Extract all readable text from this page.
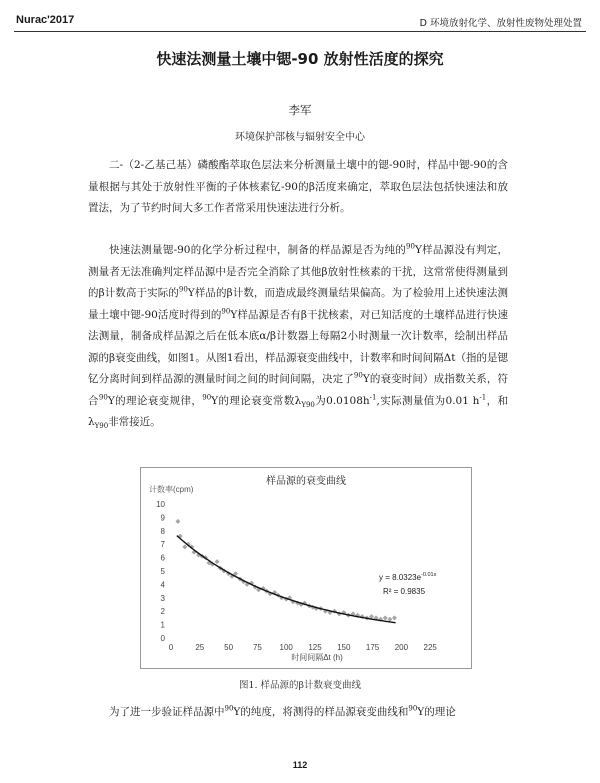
Nurac'2017	D 环境放射化学、放射性废物处理处置
快速法测量土壤中锶-90 放射性活度的探究
李军
环境保护部核与辐射安全中心
二-（2-乙基己基）磷酸酯萃取色层法来分析测量土壤中的锶-90时，样品中锶-90的含量根据与其处于放射性平衡的子体核素钇-90的β活度来确定，萃取色层法包括快速法和放置法，为了节约时间大多工作者常采用快速法进行分析。
快速法测量锶-90的化学分析过程中，制备的样品源是否为纯的$^{90}$Y样品源没有判定，测量者无法准确判定样品源中是否完全消除了其他β放射性核素的干扰，这常常使得测量到的β计数高于实际的$^{90}$Y样品的β计数，而造成最终测量结果偏高。为了检验用上述快速法测量土壤中锶-90活度时得到的$^{90}$Y样品源是否有β干扰核素，对已知活度的土壤样品进行快速法测量，制备成样品源之后在低本底α/β计数器上每隔2小时测量一次计数率，绘制出样品源的β衰变曲线，如图1。从图1看出，样品源衰变曲线中，计数率和时间间隔Δt（指的是锶钇分离时间到样品源的测量时间之间的时间间隔，决定了$^{90}$Y的衰变时间）成指数关系，符合$^{90}$Y的理论衰变规律，$^{90}$Y的理论衰变常数$\lambda_{Y90}$为$0.0108h^{-1}$,实际测量值为0.01 $h^{-1}$，和$\lambda_{Y90}$非常接近。
样品源的衰变曲线
计数率(cpm)
时间间隔Δt (h)
0
1
2
3
4
5
6
7
8
9
10
0	25 50 75 100 125 150 175 200 225
$y = 8.0323e^{-0.01x}$
R² = 0.9835
图1. 样品源的β计数衰变曲线
为了进一步验证样品源中$^{90}$Y的纯度，将测得的样品源衰变曲线和$^{90}$Y的理论
112
